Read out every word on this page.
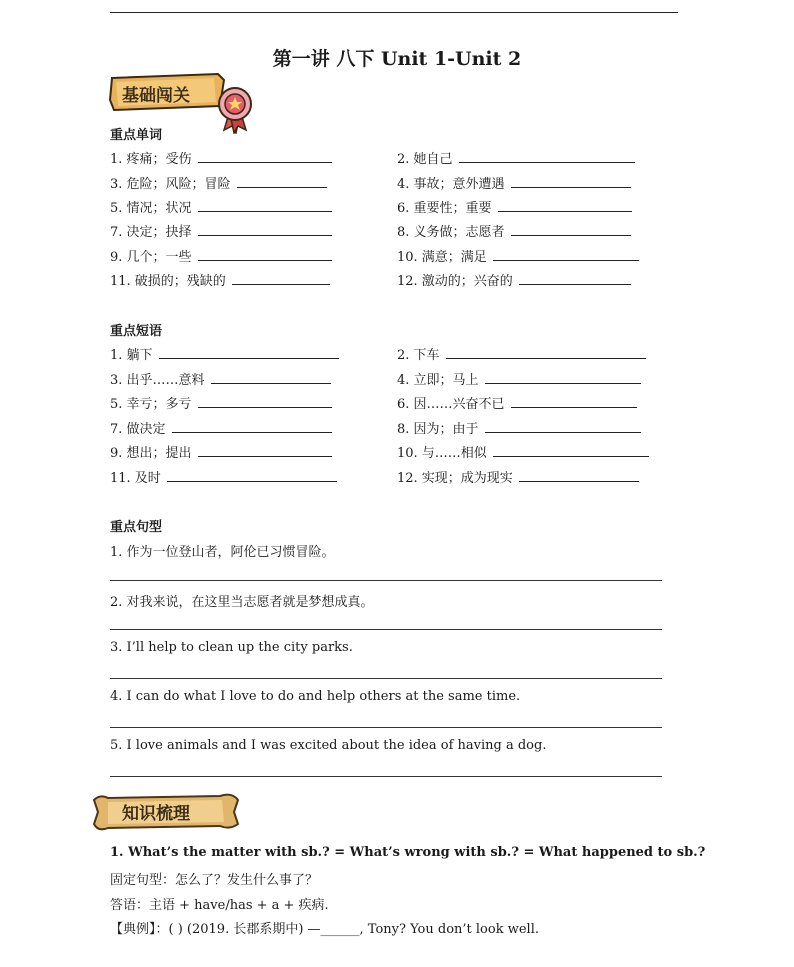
第一讲 八下 Unit 1-Unit 2
基础闯关
重点单词
1. 疼痛；受伤	2. 她自己
3. 危险；风险；冒险	4. 事故；意外遭遇
5. 情况；状况	6. 重要性；重要
7. 决定；抉择	8. 义务做；志愿者
9. 几个；一些	10. 满意；满足
11. 破损的；残缺的	12. 激动的；兴奋的
重点短语
1. 躺下	2. 下车
3. 出乎……意料	4. 立即；马上
5. 幸亏；多亏	6. 因……兴奋不已
7. 做决定	8. 因为；由于
9. 想出；提出	10. 与……相似
11. 及时	12. 实现；成为现实
重点句型
1. 作为一位登山者，阿伦已习惯冒险。
2. 对我来说，在这里当志愿者就是梦想成真。
3. I’ll help to clean up the city parks.
4. I can do what I love to do and help others at the same time.
5. I love animals and I was excited about the idea of having a dog.
知识梳理
1. What’s the matter with sb.? = What’s wrong with sb.? = What happened to sb.?
固定句型：怎么了？发生什么事了？
答语：主语 + have/has + a + 疾病.
【典例】：( ) (2019. 长郡系期中) —______, Tony? You don’t look well.
